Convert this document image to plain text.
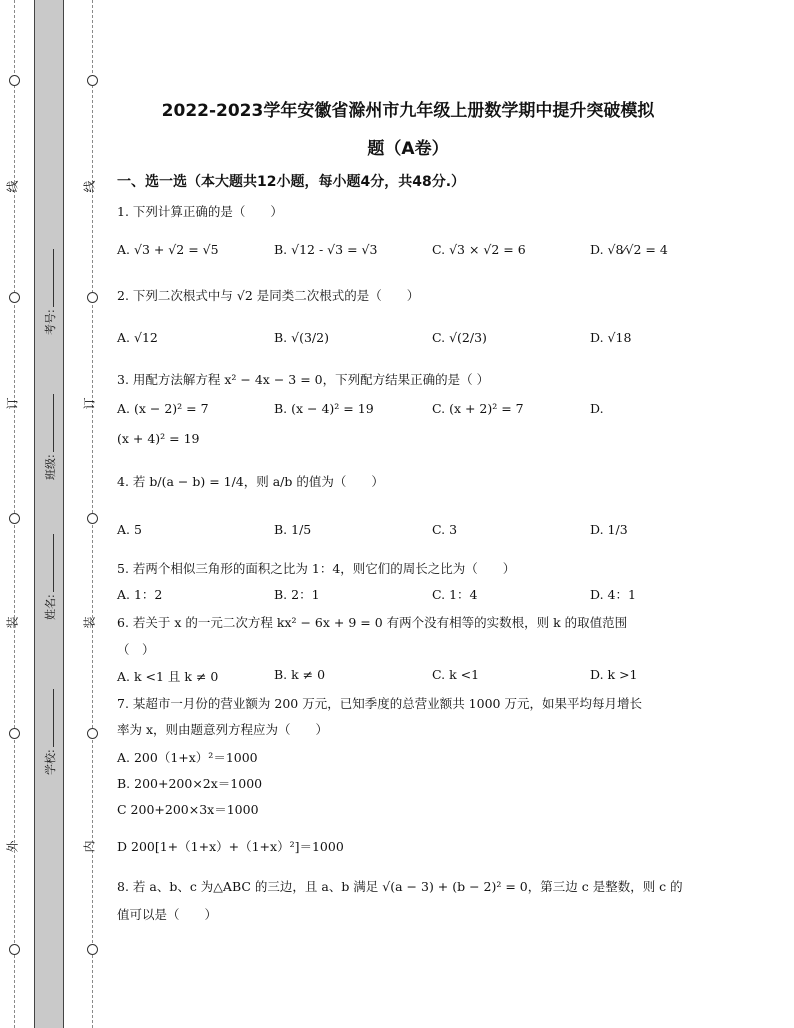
外
装
订
线
内
装
订
线
学校:
姓名:
班级:
考号:
2022-2023学年安徽省滁州市九年级上册数学期中提升突破模拟
题（A卷）
一、选一选（本大题共12小题，每小题4分，共48分.）
1. 下列计算正确的是（　　）
A. √3 + √2 = √5	B. √12 - √3 = √3	C. √3 × √2 = 6	D. √8⁄√2 = 4
2. 下列二次根式中与 √2 是同类二次根式的是（　　）
A. √12	B. √(3/2)	C. √(2/3)	D. √18
3. 用配方法解方程 x² − 4x − 3 = 0，下列配方结果正确的是（ ）
A. (x − 2)² = 7	B. (x − 4)² = 19	C. (x + 2)² = 7	D.
(x + 4)² = 19
4. 若 b/(a − b) = 1/4，则 a/b 的值为（　　）
A. 5	B. 1/5	C. 3	D. 1/3
5. 若两个相似三角形的面积之比为 1：4，则它们的周长之比为（　　）
A. 1：2	B. 2：1	C. 1：4	D. 4：1
6. 若关于 x 的一元二次方程 kx² − 6x + 9 = 0 有两个没有相等的实数根，则 k 的取值范围
（　）
A. k <1 且 k ≠ 0	B. k ≠ 0	C. k <1	D. k >1
7. 某超市一月份的营业额为 200 万元，已知季度的总营业额共 1000 万元，如果平均每月增长
率为 x，则由题意列方程应为（　　）
A. 200（1+x）²＝1000
B. 200+200×2x＝1000
C 200+200×3x＝1000
D 200[1+（1+x）+（1+x）²]＝1000
8. 若 a、b、c 为△ABC 的三边，且 a、b 满足 √(a − 3) + (b − 2)² = 0，第三边 c 是整数，则 c 的
值可以是（　　）
